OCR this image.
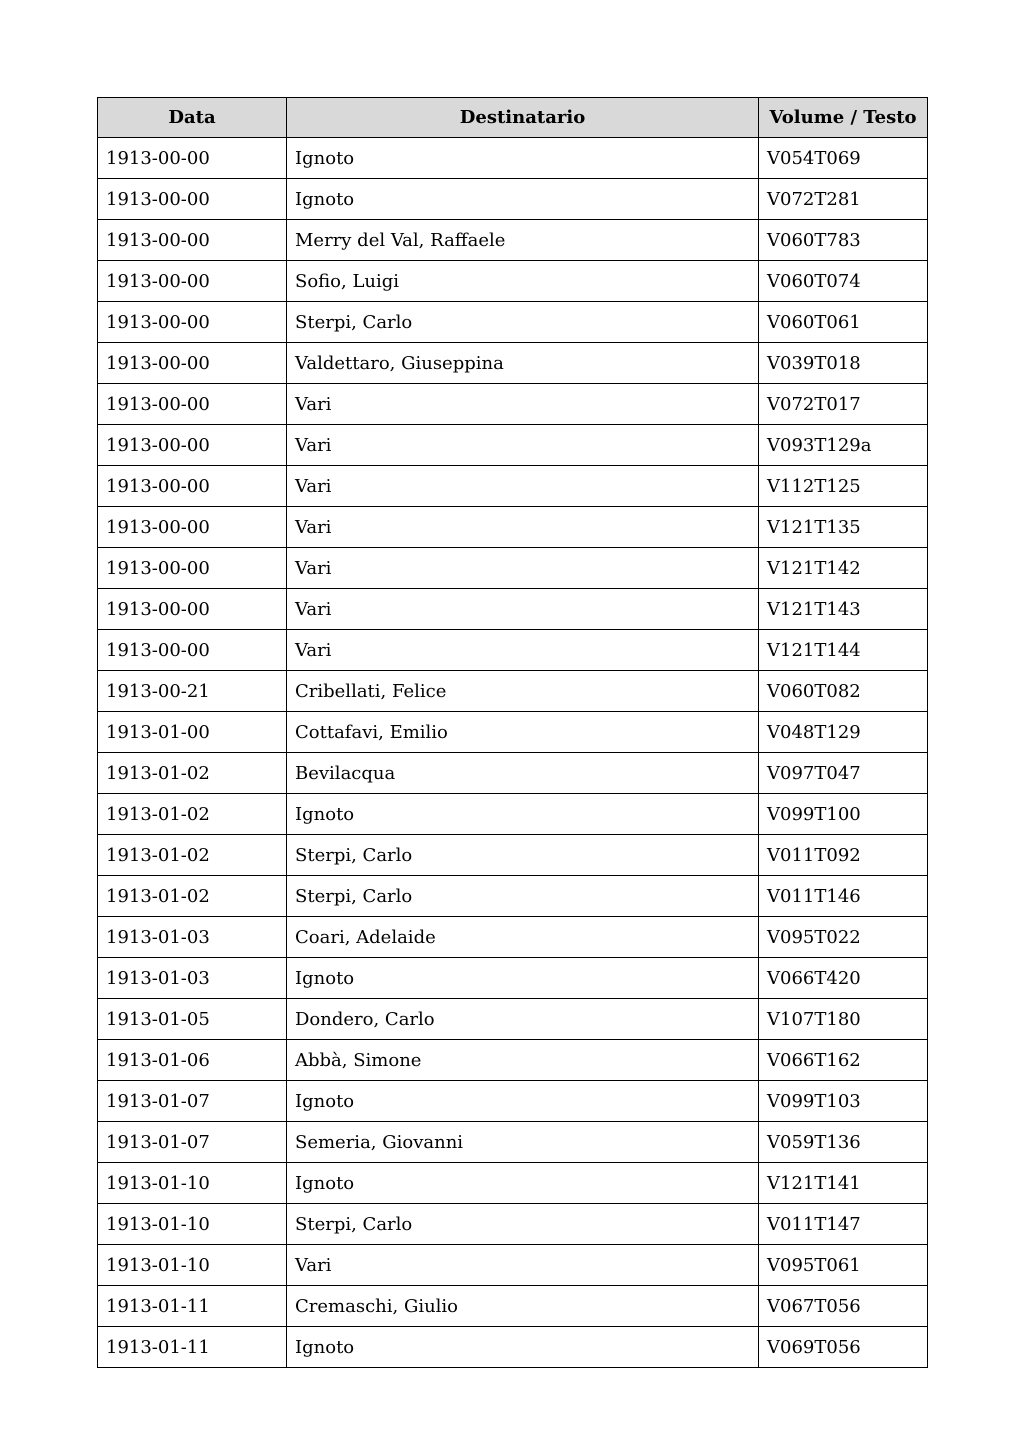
Data	Destinatario	Volume / Testo
1913-00-00	Ignoto	V054T069
1913-00-00	Ignoto	V072T281
1913-00-00	Merry del Val, Raffaele	V060T783
1913-00-00	Sofio, Luigi	V060T074
1913-00-00	Sterpi, Carlo	V060T061
1913-00-00	Valdettaro, Giuseppina	V039T018
1913-00-00	Vari	V072T017
1913-00-00	Vari	V093T129a
1913-00-00	Vari	V112T125
1913-00-00	Vari	V121T135
1913-00-00	Vari	V121T142
1913-00-00	Vari	V121T143
1913-00-00	Vari	V121T144
1913-00-21	Cribellati, Felice	V060T082
1913-01-00	Cottafavi, Emilio	V048T129
1913-01-02	Bevilacqua	V097T047
1913-01-02	Ignoto	V099T100
1913-01-02	Sterpi, Carlo	V011T092
1913-01-02	Sterpi, Carlo	V011T146
1913-01-03	Coari, Adelaide	V095T022
1913-01-03	Ignoto	V066T420
1913-01-05	Dondero, Carlo	V107T180
1913-01-06	Abbà, Simone	V066T162
1913-01-07	Ignoto	V099T103
1913-01-07	Semeria, Giovanni	V059T136
1913-01-10	Ignoto	V121T141
1913-01-10	Sterpi, Carlo	V011T147
1913-01-10	Vari	V095T061
1913-01-11	Cremaschi, Giulio	V067T056
1913-01-11	Ignoto	V069T056
